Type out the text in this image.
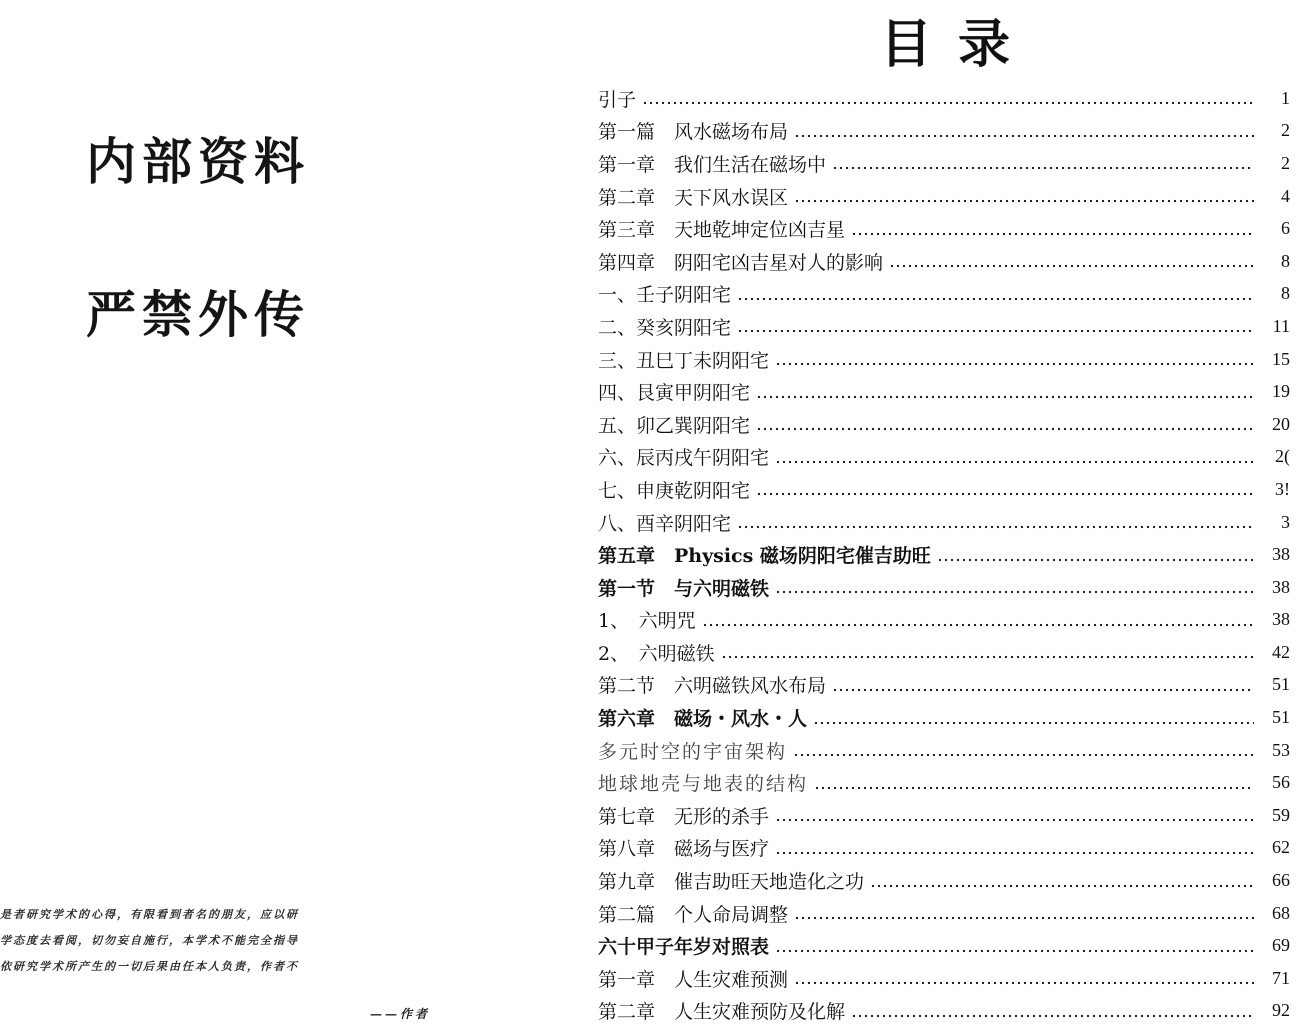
内部资料
严禁外传
是者研究学术的心得，有限看到者名的朋友，应以研
学态度去看阅，切勿妄自施行，本学术不能完全指导
依研究学术所产生的一切后果由任本人负责，作者不
——作者
目录
引子	1
第一篇　风水磁场布局	2
第一章　我们生活在磁场中	2
第二章　天下风水误区	4
第三章　天地乾坤定位凶吉星	6
第四章　阴阳宅凶吉星对人的影响	8
一、壬子阴阳宅	8
二、癸亥阴阳宅	11
三、丑巳丁未阴阳宅	15
四、艮寅甲阴阳宅	19
五、卯乙巽阴阳宅	20
六、辰丙戌午阴阳宅	2(
七、申庚乾阴阳宅	3!
八、酉辛阴阳宅	3
第五章　Physics 磁场阴阳宅催吉助旺	38
第一节　与六明磁铁	38
1、　六明咒	38
2、　六明磁铁	42
第二节　六明磁铁风水布局	51
第六章　磁场・风水・人	51
多元时空的宇宙架构	53
地球地壳与地表的结构	56
第七章　无形的杀手	59
第八章　磁场与医疗	62
第九章　催吉助旺天地造化之功	66
第二篇　个人命局调整	68
六十甲子年岁对照表	69
第一章　人生灾难预测	71
第二章　人生灾难预防及化解	92
